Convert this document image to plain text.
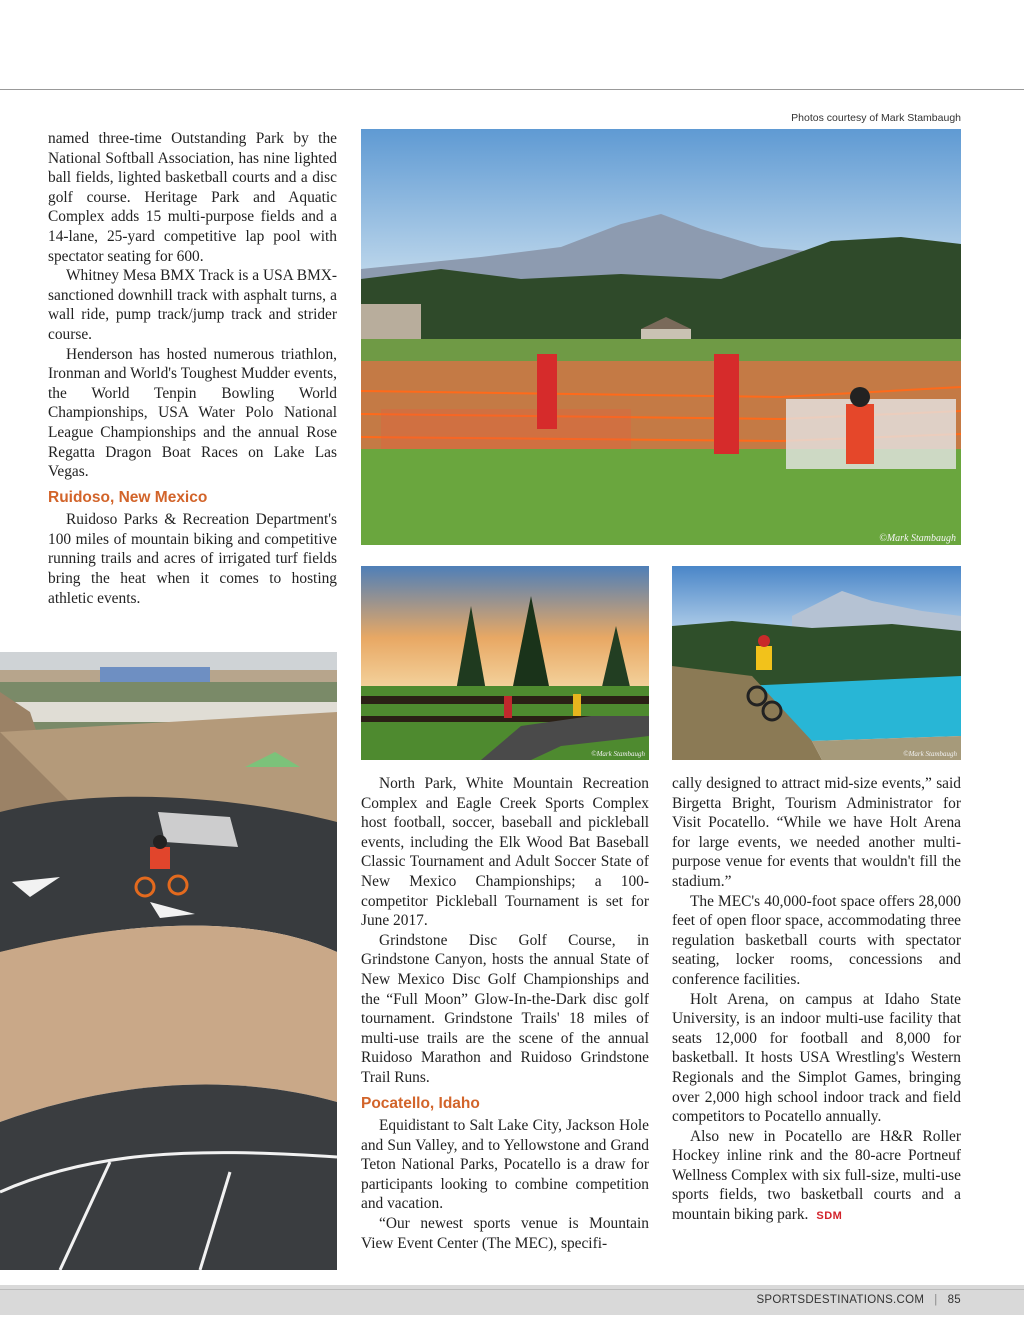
Photos courtesy of Mark Stambaugh

named three-time Outstanding Park by the National Softball Association, has nine lighted ball fields, lighted basketball courts and a disc golf course. Heritage Park and Aquatic Complex adds 15 multi-purpose fields and a 14-lane, 25-yard competitive lap pool with spectator seating for 600.

Whitney Mesa BMX Track is a USA BMX-sanctioned downhill track with asphalt turns, a wall ride, pump track/jump track and strider course.

Henderson has hosted numerous triathlon, Ironman and World's Toughest Mudder events, the World Tenpin Bowling World Championships, USA Water Polo National League Championships and the annual Rose Regatta Dragon Boat Races on Lake Las Vegas.

Ruidoso, New Mexico

Ruidoso Parks & Recreation Department's 100 miles of mountain biking and competitive running trails and acres of irrigated turf fields bring the heat when it comes to hosting athletic events.

©Mark Stambaugh
©Mark Stambaugh	©Mark Stambaugh

North Park, White Mountain Recreation Complex and Eagle Creek Sports Complex host football, soccer, baseball and pickleball events, including the Elk Wood Bat Baseball Classic Tournament and Adult Soccer State of New Mexico Championships; a 100-competitor Pickleball Tournament is set for June 2017.

Grindstone Disc Golf Course, in Grindstone Canyon, hosts the annual State of New Mexico Disc Golf Championships and the “Full Moon” Glow-In-the-Dark disc golf tournament. Grindstone Trails' 18 miles of multi-use trails are the scene of the annual Ruidoso Marathon and Ruidoso Grindstone Trail Runs.

Pocatello, Idaho

Equidistant to Salt Lake City, Jackson Hole and Sun Valley, and to Yellowstone and Grand Teton National Parks, Pocatello is a draw for participants looking to combine competition and vacation.

“Our newest sports venue is Mountain View Event Center (The MEC), specifi-

cally designed to attract mid-size events,” said Birgetta Bright, Tourism Administrator for Visit Pocatello. “While we have Holt Arena for large events, we needed another multi-purpose venue for events that wouldn't fill the stadium.”

The MEC's 40,000-foot space offers 28,000 feet of open floor space, accommodating three regulation basketball courts with spectator seating, locker rooms, concessions and conference facilities.

Holt Arena, on campus at Idaho State University, is an indoor multi-use facility that seats 12,000 for football and 8,000 for basketball. It hosts USA Wrestling's Western Regionals and the Simplot Games, bringing over 2,000 high school indoor track and field competitors to Pocatello annually.

Also new in Pocatello are H&R Roller Hockey inline rink and the 80-acre Portneuf Wellness Complex with six full-size, multi-use sports fields, two basketball courts and a mountain biking park. SDM

SPORTSDESTINATIONS.COM | 85
